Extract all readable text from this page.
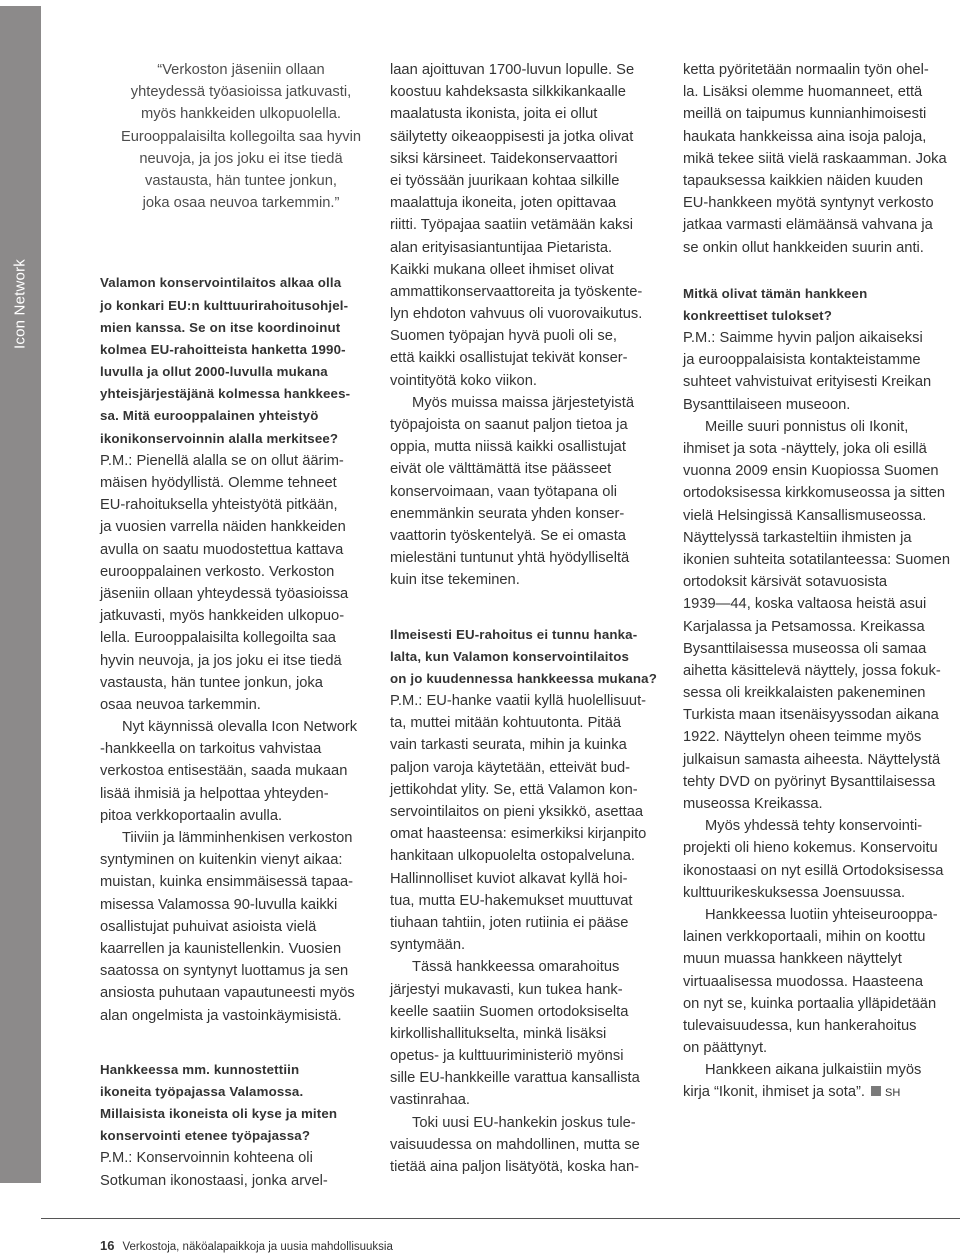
Icon Network
“Verkoston jäseniin ollaan
yhteydessä työasioissa jatkuvasti,
myös hankkeiden ulkopuolella.
Eurooppalaisilta kollegoilta saa hyvin
neuvoja, ja jos joku ei itse tiedä
vastausta, hän tuntee jonkun,
joka osaa neuvoa tarkemmin.”
Valamon konservointilaitos alkaa olla
jo konkari EU:n kulttuurirahoitusohjel-
mien kanssa. Se on itse koordinoinut
kolmea EU-rahoitteista hanketta 1990-
luvulla ja ollut 2000-luvulla mukana
yhteisjärjestäjänä kolmessa hankkees-
sa. Mitä eurooppalainen yhteistyö
ikonikonservoinnin alalla merkitsee?
P.M.: Pienellä alalla se on ollut äärim-
mäisen hyödyllistä. Olemme tehneet
EU-rahoituksella yhteistyötä pitkään,
ja vuosien varrella näiden hankkeiden
avulla on saatu muodostettua kattava
eurooppalainen verkosto. Verkoston
jäseniin ollaan yhteydessä työasioissa
jatkuvasti, myös hankkeiden ulkopuo-
lella. Eurooppalaisilta kollegoilta saa
hyvin neuvoja, ja jos joku ei itse tiedä
vastausta, hän tuntee jonkun, joka
osaa neuvoa tarkemmin.
Nyt käynnissä olevalla Icon Network
-hankkeella on tarkoitus vahvistaa
verkostoa entisestään, saada mukaan
lisää ihmisiä ja helpottaa yhteyden-
pitoa verkkoportaalin avulla.
Tiiviin ja lämminhenkisen verkoston
syntyminen on kuitenkin vienyt aikaa:
muistan, kuinka ensimmäisessä tapaa-
misessa Valamossa 90-luvulla kaikki
osallistujat puhuivat asioista vielä
kaarrellen ja kaunistellenkin. Vuosien
saatossa on syntynyt luottamus ja sen
ansiosta puhutaan vapautuneesti myös
alan ongelmista ja vastoinkäymisistä.
Hankkeessa mm. kunnostettiin
ikoneita työpajassa Valamossa.
Millaisista ikoneista oli kyse ja miten
konservointi etenee työpajassa?
P.M.: Konservoinnin kohteena oli
Sotkuman ikonostaasi, jonka arvel-
laan ajoittuvan 1700-luvun lopulle. Se
koostuu kahdeksasta silkkikankaalle
maalatusta ikonista, joita ei ollut
säilytetty oikeaoppisesti ja jotka olivat
siksi kärsineet. Taidekonservaattori
ei työssään juurikaan kohtaa silkille
maalattuja ikoneita, joten opittavaa
riitti. Työpajaa saatiin vetämään kaksi
alan erityisasiantuntijaa Pietarista.
Kaikki mukana olleet ihmiset olivat
ammattikonservaattoreita ja työskente-
lyn ehdoton vahvuus oli vuorovaikutus.
Suomen työpajan hyvä puoli oli se,
että kaikki osallistujat tekivät konser-
vointityötä koko viikon.
Myös muissa maissa järjestetyistä
työpajoista on saanut paljon tietoa ja
oppia, mutta niissä kaikki osallistujat
eivät ole välttämättä itse päässeet
konservoimaan, vaan työtapana oli
enemmänkin seurata yhden konser-
vaattorin työskentelyä. Se ei omasta
mielestäni tuntunut yhtä hyödylliseltä
kuin itse tekeminen.
Ilmeisesti EU-rahoitus ei tunnu hanka-
lalta, kun Valamon konservointilaitos
on jo kuudennessa hankkeessa mukana?
P.M.: EU-hanke vaatii kyllä huolellisuut-
ta, muttei mitään kohtuutonta. Pitää
vain tarkasti seurata, mihin ja kuinka
paljon varoja käytetään, etteivät bud-
jettikohdat ylity. Se, että Valamon kon-
servointilaitos on pieni yksikkö, asettaa
omat haasteensa: esimerkiksi kirjanpito
hankitaan ulkopuolelta ostopalveluna.
Hallinnolliset kuviot alkavat kyllä hoi-
tua, mutta EU-hakemukset muuttuvat
tiuhaan tahtiin, joten rutiinia ei pääse
syntymään.
Tässä hankkeessa omarahoitus
järjestyi mukavasti, kun tukea hank-
keelle saatiin Suomen ortodoksiselta
kirkollishallitukselta, minkä lisäksi
opetus- ja kulttuuriministeriö myönsi
sille EU-hankkeille varattua kansallista
vastinrahaa.
Toki uusi EU-hankekin joskus tule-
vaisuudessa on mahdollinen, mutta se
tietää aina paljon lisätyötä, koska han-
ketta pyöritetään normaalin työn ohel-
la. Lisäksi olemme huomanneet, että
meillä on taipumus kunnianhimoisesti
haukata hankkeissa aina isoja paloja,
mikä tekee siitä vielä raskaamman. Joka
tapauksessa kaikkien näiden kuuden
EU-hankkeen myötä syntynyt verkosto
jatkaa varmasti elämäänsä vahvana ja
se onkin ollut hankkeiden suurin anti.
Mitkä olivat tämän hankkeen
konkreettiset tulokset?
P.M.: Saimme hyvin paljon aikaiseksi
ja eurooppalaisista kontakteistamme
suhteet vahvistuivat erityisesti Kreikan
Bysanttilaiseen museoon.
Meille suuri ponnistus oli Ikonit,
ihmiset ja sota -näyttely, joka oli esillä
vuonna 2009 ensin Kuopiossa Suomen
ortodoksisessa kirkkomuseossa ja sitten
vielä Helsingissä Kansallismuseossa.
Näyttelyssä tarkasteltiin ihmisten ja
ikonien suhteita sotatilanteessa: Suomen
ortodoksit kärsivät sotavuosista
1939—44, koska valtaosa heistä asui
Karjalassa ja Petsamossa. Kreikassa
Bysanttilaisessa museossa oli samaa
aihetta käsittelevä näyttely, jossa fokuk-
sessa oli kreikkalaisten pakeneminen
Turkista maan itsenäisyyssodan aikana
1922. Näyttelyn oheen teimme myös
julkaisun samasta aiheesta. Näyttelystä
tehty DVD on pyörinyt Bysanttilaisessa
museossa Kreikassa.
Myös yhdessä tehty konservointi-
projekti oli hieno kokemus. Konservoitu
ikonostaasi on nyt esillä Ortodoksisessa
kulttuurikeskuksessa Joensuussa.
Hankkeessa luotiin yhteiseurooppa-
lainen verkkoportaali, mihin on koottu
muun muassa hankkeen näyttelyt
virtuaalisessa muodossa. Haasteena
on nyt se, kuinka portaalia ylläpidetään
tulevaisuudessa, kun hankerahoitus
on päättynyt.
Hankkeen aikana julkaistiin myös
kirja “Ikonit, ihmiset ja sota”. SH
16 Verkostoja, näköalapaikkoja ja uusia mahdollisuuksia
